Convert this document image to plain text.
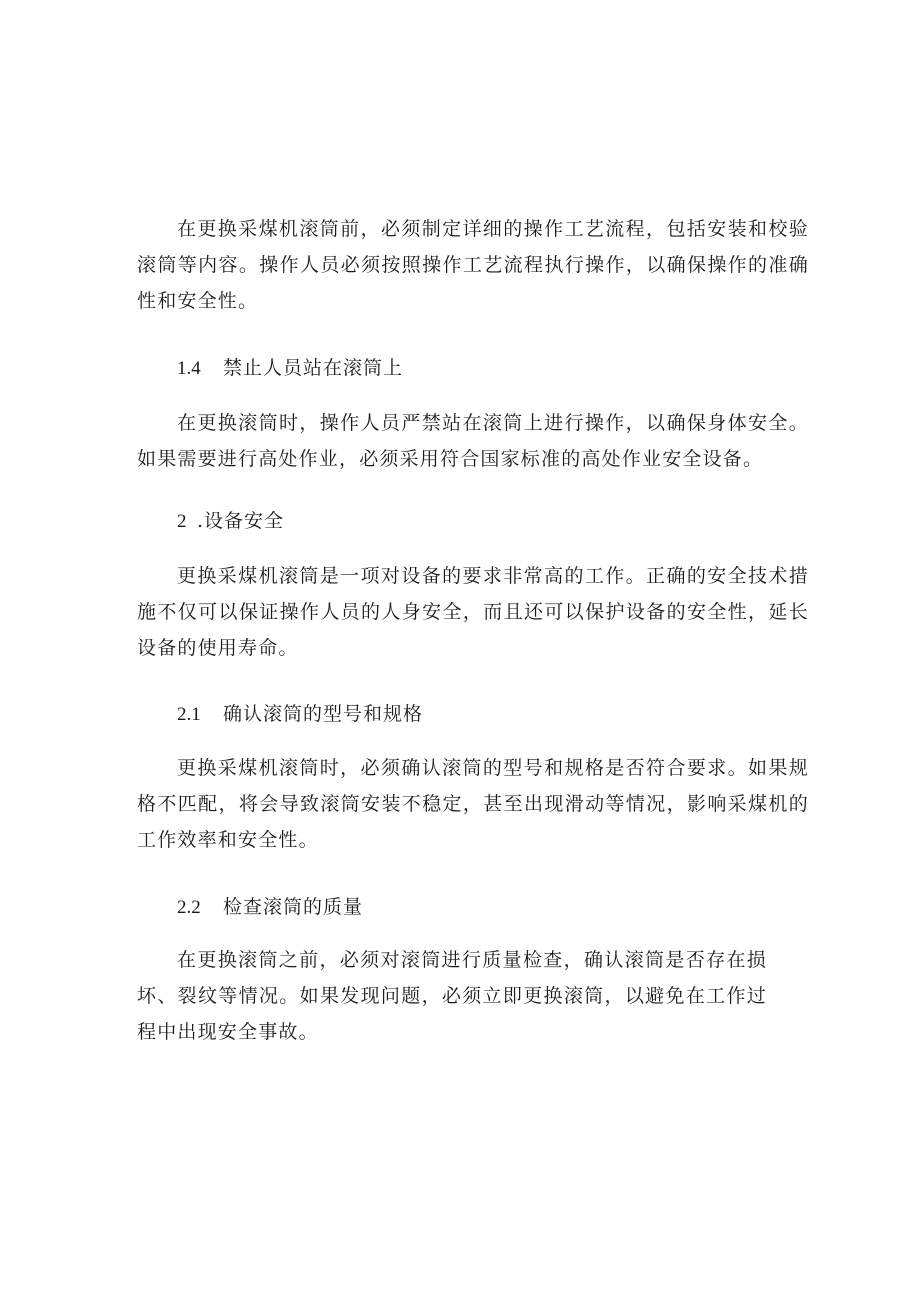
在更换采煤机滚筒前，必须制定详细的操作工艺流程，包括安装和校验滚筒等内容。操作人员必须按照操作工艺流程执行操作，以确保操作的准确性和安全性。

1.4 禁止人员站在滚筒上

在更换滚筒时，操作人员严禁站在滚筒上进行操作，以确保身体安全。如果需要进行高处作业，必须采用符合国家标准的高处作业安全设备。

2 .设备安全

更换采煤机滚筒是一项对设备的要求非常高的工作。正确的安全技术措施不仅可以保证操作人员的人身安全，而且还可以保护设备的安全性，延长设备的使用寿命。

2.1 确认滚筒的型号和规格

更换采煤机滚筒时，必须确认滚筒的型号和规格是否符合要求。如果规格不匹配，将会导致滚筒安装不稳定，甚至出现滑动等情况，影响采煤机的工作效率和安全性。

2.2 检查滚筒的质量

在更换滚筒之前，必须对滚筒进行质量检查，确认滚筒是否存在损坏、裂纹等情况。如果发现问题，必须立即更换滚筒，以避免在工作过程中出现安全事故。
